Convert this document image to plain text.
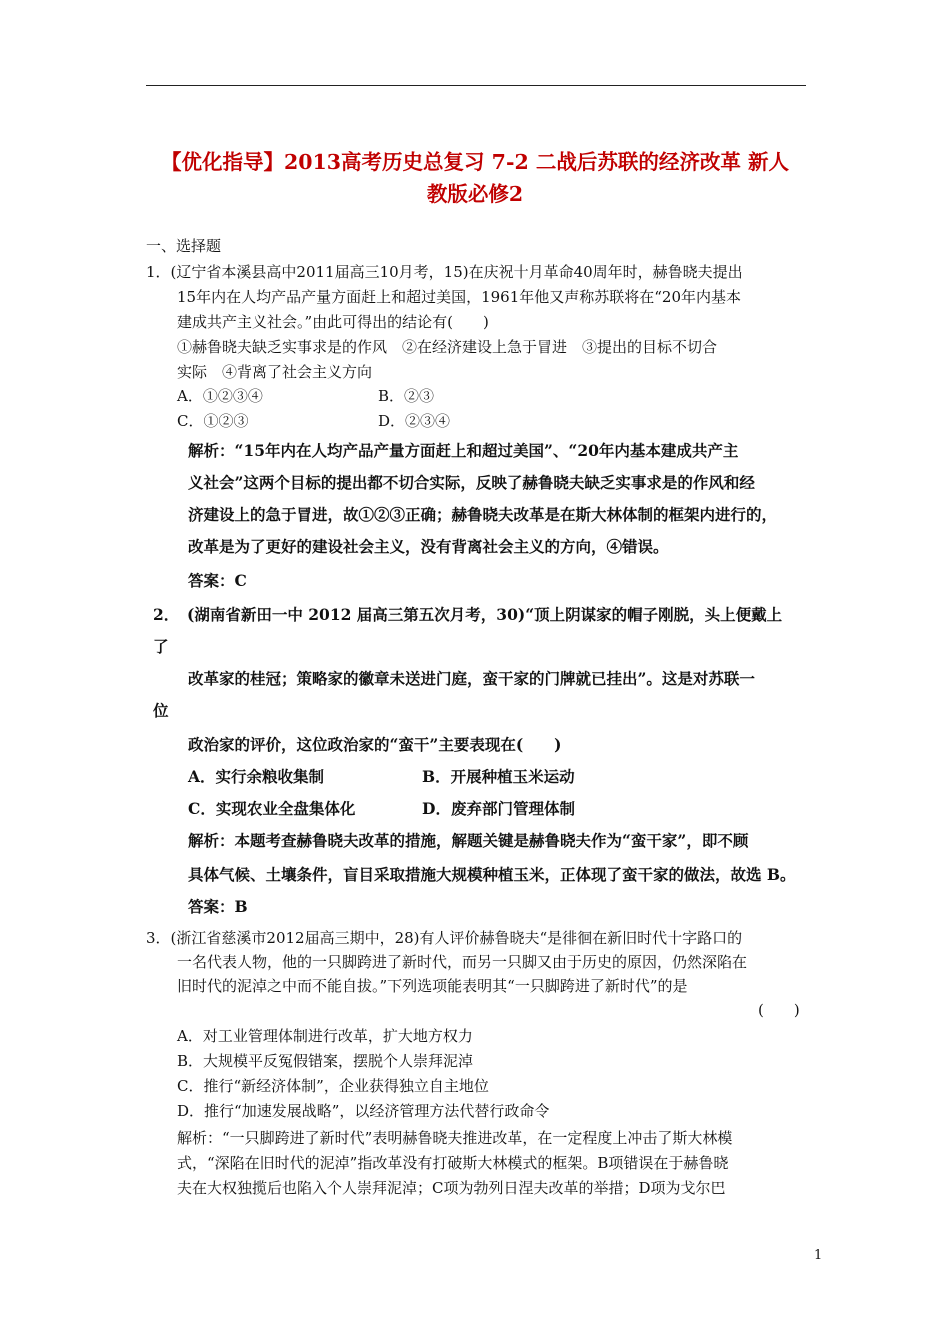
【优化指导】2013高考历史总复习 7-2 二战后苏联的经济改革 新人
教版必修2
一、选择题
1．(辽宁省本溪县高中2011届高三10月考，15)在庆祝十月革命40周年时，赫鲁晓夫提出
15年内在人均产品产量方面赶上和超过美国，1961年他又声称苏联将在“20年内基本
建成共产主义社会。”由此可得出的结论有(　　)
①赫鲁晓夫缺乏实事求是的作风　②在经济建设上急于冒进　③提出的目标不切合
实际　④背离了社会主义方向
A．①②③④	B．②③
C．①②③	D．②③④
解析：“15年内在人均产品产量方面赶上和超过美国”、“20年内基本建成共产主
义社会”这两个目标的提出都不切合实际，反映了赫鲁晓夫缺乏实事求是的作风和经
济建设上的急于冒进，故①②③正确；赫鲁晓夫改革是在斯大林体制的框架内进行的，
改革是为了更好的建设社会主义，没有背离社会主义的方向，④错误。
答案：C
2．　(湖南省新田一中 2012 届高三第五次月考，30)“顶上阴谋家的帽子刚脱，头上便戴上
了
改革家的桂冠；策略家的徽章未送进门庭，蛮干家的门牌就已挂出”。这是对苏联一
位
政治家的评价，这位政治家的“蛮干”主要表现在(　　)
A．实行余粮收集制	B．开展种植玉米运动
C．实现农业全盘集体化	D．废弃部门管理体制
解析：本题考查赫鲁晓夫改革的措施，解题关键是赫鲁晓夫作为“蛮干家”，即不顾
具体气候、土壤条件，盲目采取措施大规模种植玉米，正体现了蛮干家的做法，故选 B。
答案：B
3．(浙江省慈溪市2012届高三期中，28)有人评价赫鲁晓夫“是徘徊在新旧时代十字路口的
一名代表人物，他的一只脚跨进了新时代，而另一只脚又由于历史的原因，仍然深陷在
旧时代的泥淖之中而不能自拔。”下列选项能表明其“一只脚跨进了新时代”的是
(　　)
A．对工业管理体制进行改革，扩大地方权力
B．大规模平反冤假错案，摆脱个人崇拜泥淖
C．推行“新经济体制”，企业获得独立自主地位
D．推行“加速发展战略”，以经济管理方法代替行政命令
解析：“一只脚跨进了新时代”表明赫鲁晓夫推进改革，在一定程度上冲击了斯大林模
式，“深陷在旧时代的泥淖”指改革没有打破斯大林模式的框架。B项错误在于赫鲁晓
夫在大权独揽后也陷入个人崇拜泥淖；C项为勃列日涅夫改革的举措；D项为戈尔巴
1
